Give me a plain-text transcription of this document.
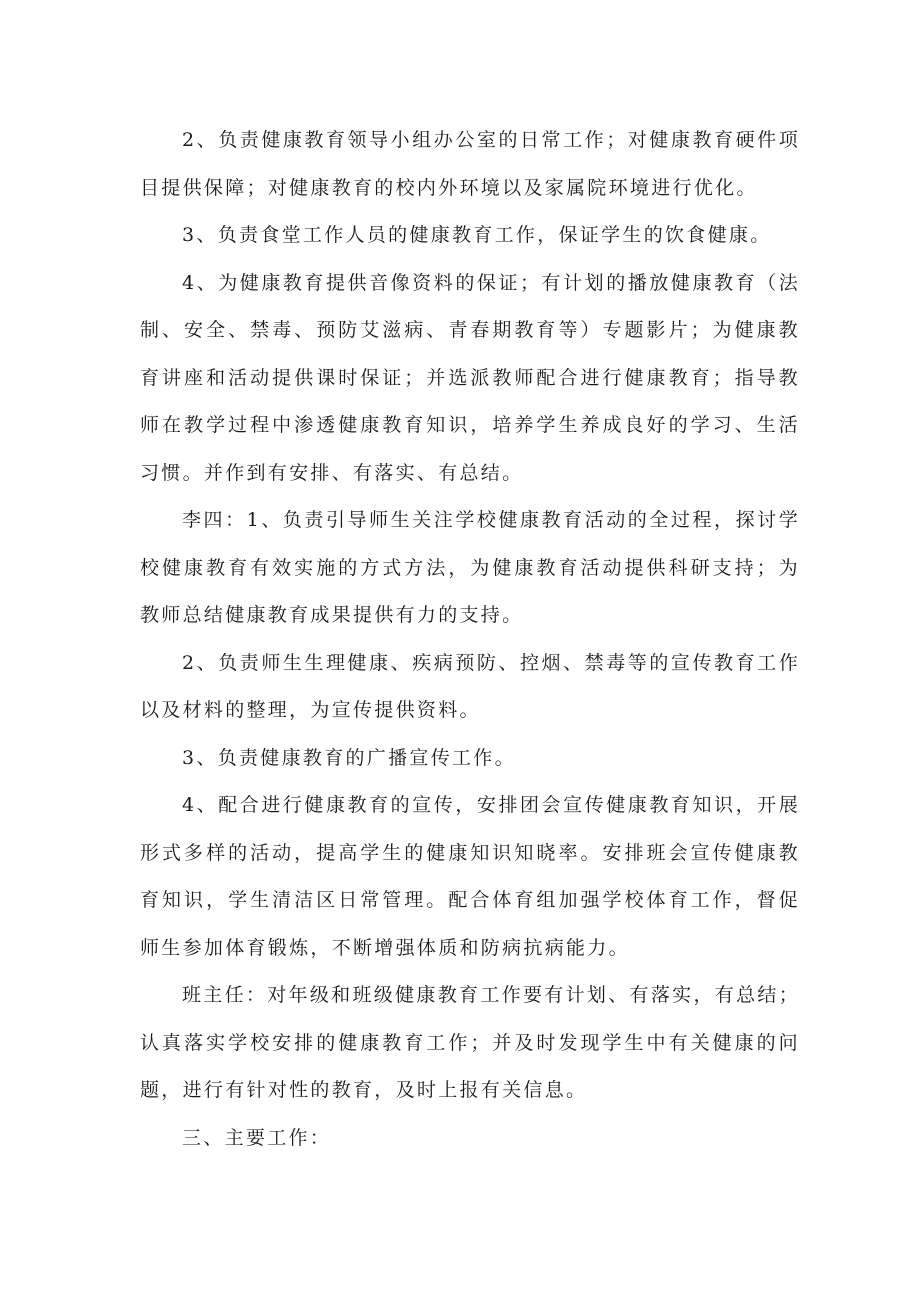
2、负责健康教育领导小组办公室的日常工作；对健康教育硬件项目提供保障；对健康教育的校内外环境以及家属院环境进行优化。

3、负责食堂工作人员的健康教育工作，保证学生的饮食健康。

4、为健康教育提供音像资料的保证；有计划的播放健康教育（法制、安全、禁毒、预防艾滋病、青春期教育等）专题影片；为健康教育讲座和活动提供课时保证；并选派教师配合进行健康教育；指导教师在教学过程中渗透健康教育知识，培养学生养成良好的学习、生活习惯。并作到有安排、有落实、有总结。

李四：1、负责引导师生关注学校健康教育活动的全过程，探讨学校健康教育有效实施的方式方法，为健康教育活动提供科研支持；为教师总结健康教育成果提供有力的支持。

2、负责师生生理健康、疾病预防、控烟、禁毒等的宣传教育工作以及材料的整理，为宣传提供资料。

3、负责健康教育的广播宣传工作。

4、配合进行健康教育的宣传，安排团会宣传健康教育知识，开展形式多样的活动，提高学生的健康知识知晓率。安排班会宣传健康教育知识，学生清洁区日常管理。配合体育组加强学校体育工作，督促师生参加体育锻炼，不断增强体质和防病抗病能力。

班主任：对年级和班级健康教育工作要有计划、有落实，有总结；认真落实学校安排的健康教育工作；并及时发现学生中有关健康的问题，进行有针对性的教育，及时上报有关信息。

三、主要工作：
